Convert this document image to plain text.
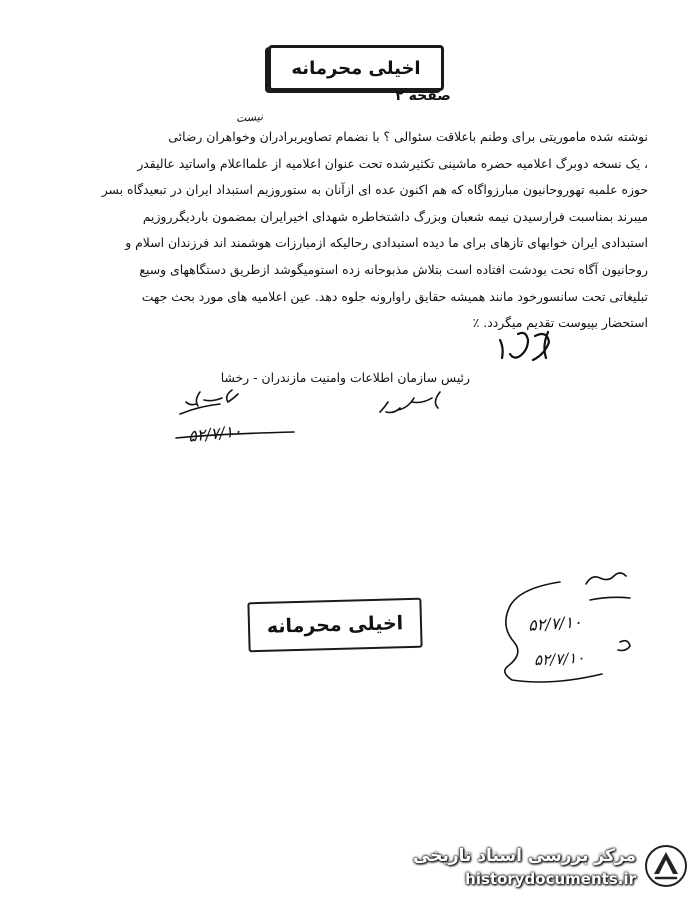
اخیلی محرمانه
صفحه ۲
نیست
نوشته شده ماموریتی برای وطنم باعلاقت سئوالی ؟ با نضمام تصاویربرادران وخواهران رضائی
، یک نسخه دوبرگ اعلامیه حضره ماشینی تکثیرشده تحت عنوان اعلامیه از علمااعلام واساتید عالیقدر
حوزه علمیه تهوروحانیون مبارزواگاه که هم اکنون عده ای ازآنان به ستوروزیم استبداد ایران در تبعیدگاه بسر
میبرند بمناسبت فرارسیدن نیمه شعبان وبزرگ داشتخاطره شهدای اخیرایران بمضمون باردیگرروزیم
استبدادی ایران خوابهای تازهای برای ما دیده استبدادی رحالیکه ازمبارزات هوشمند اند فرزندان اسلام و
روحانیون آگاه تحت بودشت افتاده است بتلاش مذبوحانه زده استومیگوشد ازطریق دستگاههای وسیع
تبلیغاتی تحت سانسورخود مانند همیشه حقایق راوارونه جلوه دهد. عین اعلامیه های مورد بحث جهت
استحضار بپیوست تقدیم میگردد. ٪
رئیس سازمان اطلاعات وامنیت مازندران - رخشا
۵۲/۷/۱۰
اخیلی محرمانه	۵۲/۷/۱۰
۵۲/۷/۱۰
مرکز بررسی اسناد تاریخی
historydocuments.ir
